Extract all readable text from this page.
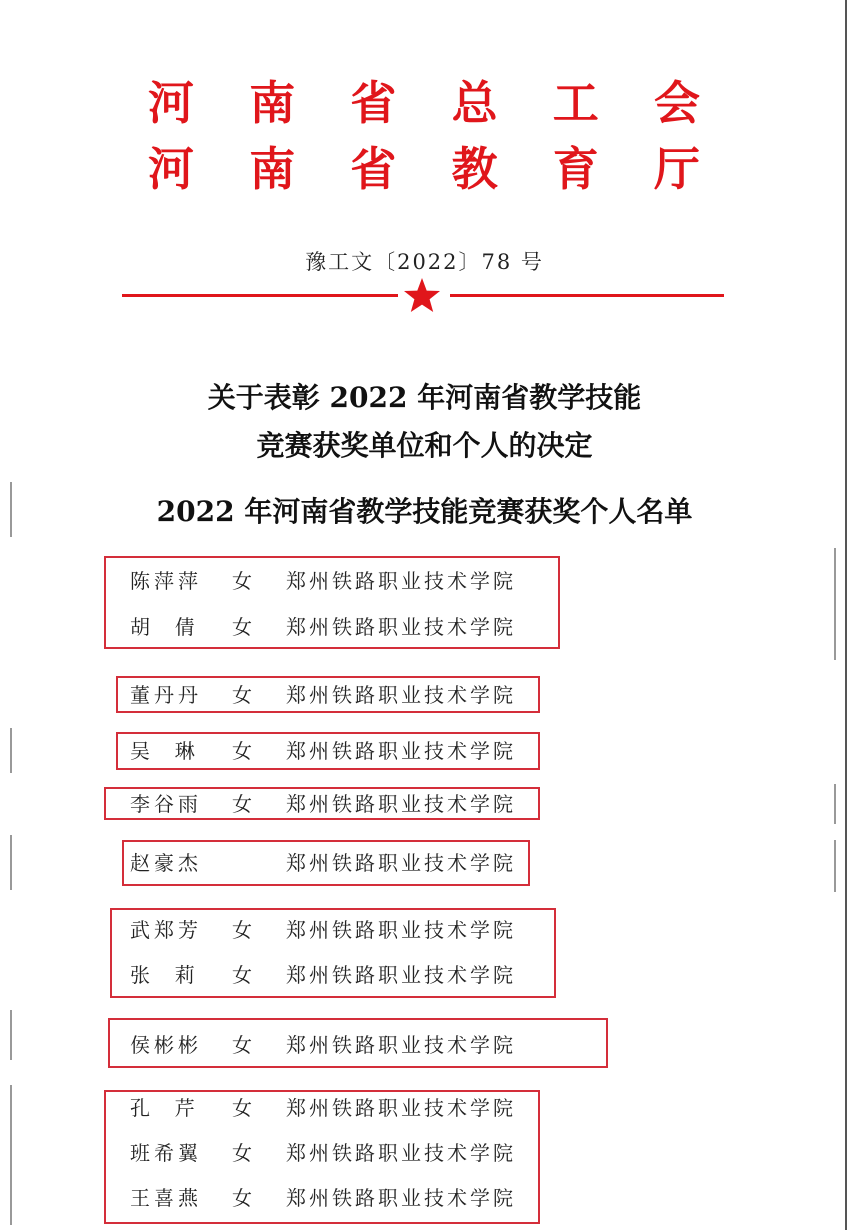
河 南 省 总 工 会
河 南 省 教 育 厅
豫工文〔2022〕78 号
关于表彰 2022 年河南省教学技能
竞赛获奖单位和个人的决定
2022 年河南省教学技能竞赛获奖个人名单
陈萍萍 女 郑州铁路职业技术学院
胡  倩 女 郑州铁路职业技术学院
董丹丹 女 郑州铁路职业技术学院
吴  琳 女 郑州铁路职业技术学院
李谷雨 女 郑州铁路职业技术学院
赵豪杰	郑州铁路职业技术学院
武郑芳 女 郑州铁路职业技术学院
张  莉 女 郑州铁路职业技术学院
侯彬彬 女 郑州铁路职业技术学院
孔  芹 女 郑州铁路职业技术学院
班希翼 女 郑州铁路职业技术学院
王喜燕 女 郑州铁路职业技术学院
